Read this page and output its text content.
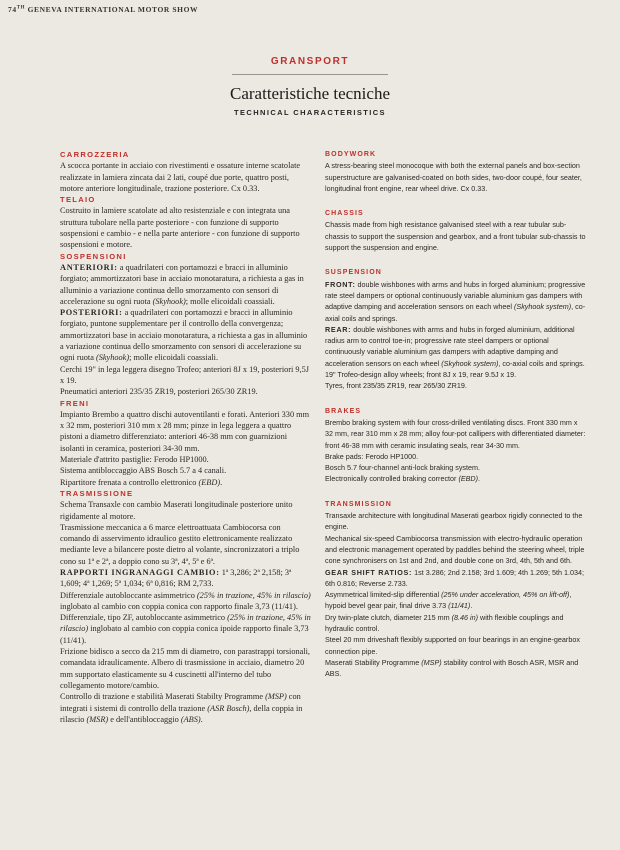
74TH GENEVA INTERNATIONAL MOTOR SHOW
GRANSPORT
Caratteristiche tecniche
TECHNICAL CHARACTERISTICS
CARROZZERIA

A scocca portante in acciaio con rivestimenti e ossature interne scatolate realizzate in lamiera zincata dai 2 lati, coupé due porte, quattro posti, motore anteriore longitudinale, trazione posteriore. Cx 0.33.

TELAIO

Costruito in lamiere scatolate ad alto resistenziale e con integrata una struttura tubolare nella parte posteriore - con funzione di supporto sospensioni e cambio - e nella parte anteriore - con funzione di supporto sospensioni e motore.

SOSPENSIONI

ANTERIORI: a quadrilateri con portamozzi e bracci in alluminio forgiato; ammortizzatori base in acciaio monotaratura, a richiesta a gas in alluminio a variazione continua dello smorzamento con sensori di accelerazione su ogni ruota (Skyhook); molle elicoidali coassiali.

POSTERIORI: a quadrilateri con portamozzi e bracci in alluminio forgiato, puntone supplementare per il controllo della convergenza; ammortizzatori base in acciaio monotaratura, a richiesta a gas in alluminio a variazione continua dello smorzamento con sensori di accelerazione su ogni ruota (Skyhook); molle elicoidali coassiali.

Cerchi 19" in lega leggera disegno Trofeo; anteriori 8J x 19, posteriori 9,5J x 19.

Pneumatici anteriori 235/35 ZR19, posteriori 265/30 ZR19.

FRENI

Impianto Brembo a quattro dischi autoventilanti e forati. Anteriori 330 mm x 32 mm, posteriori 310 mm x 28 mm; pinze in lega leggera a quattro pistoni a diametro differenziato: anteriori 46-38 mm con guarnizioni isolanti in ceramica, posteriori 34-30 mm.

Materiale d'attrito pastiglie: Ferodo HP1000.

Sistema antibloccaggio ABS Bosch 5.7 a 4 canali.

Ripartitore frenata a controllo elettronico (EBD).

TRASMISSIONE

Schema Transaxle con cambio Maserati longitudinale posteriore unito rigidamente al motore.

Trasmissione meccanica a 6 marce elettroattuata Cambiocorsa con comando di asservimento idraulico gestito elettronicamente realizzato mediante leve a bilancere poste dietro al volante, sincronizzatori a triplo cono su 1ª e 2ª, a doppio cono su 3ª, 4ª, 5ª e 6ª.

RAPPORTI INGRANAGGI CAMBIO: 1ª 3,286; 2ª 2,158; 3ª 1,609; 4ª 1,269; 5ª 1,034; 6ª 0,816; RM 2,733.

Differenziale autobloccante asimmetrico (25% in trazione, 45% in rilascio) inglobato al cambio con coppia conica con rapporto finale 3,73 (11/41).

Differenziale, tipo ZF, autobloccante asimmetrico (25% in trazione, 45% in rilascio) inglobato al cambio con coppia conica ipoide rapporto finale 3,73 (11/41).

Frizione bidisco a secco da 215 mm di diametro, con parastrappi torsionali, comandata idraulicamente. Albero di trasmissione in acciaio, diametro 20 mm supportato elasticamente su 4 cuscinetti all'interno del tubo collegamento motore/cambio.

Controllo di trazione e stabilità Maserati Stabilty Programme (MSP) con integrati i sistemi di controllo della trazione (ASR Bosch), della coppia in rilascio (MSR) e dell'antibloccaggio (ABS).

BODYWORK

A stress-bearing steel monocoque with both the external panels and box-section superstructure are galvanised-coated on both sides, two-door coupé, four seater, longitudinal front engine, rear wheel drive. Cx 0.33.

CHASSIS

Chassis made from high resistance galvanised steel with a rear tubular sub-chassis to support the suspension and gearbox, and a front tubular sub-chassis to support the suspension and engine.

SUSPENSION

FRONT: double wishbones with arms and hubs in forged aluminium; progressive rate steel dampers or optional continuously variable aluminium gas dampers with adaptive damping and acceleration sensors on each wheel (Skyhook system), co-axial coils and springs.

REAR: double wishbones with arms and hubs in forged aluminium, additional radius arm to control toe-in; progressive rate steel dampers or optional continuously variable aluminium gas dampers with adaptive damping and acceleration sensors on each wheel (Skyhook system), co-axial coils and springs.

19" Trofeo-design alloy wheels; front 8J x 19, rear 9.5J x 19.

Tyres, front 235/35 ZR19, rear 265/30 ZR19.

BRAKES

Brembo braking system with four cross-drilled ventilating discs. Front 330 mm x 32 mm, rear 310 mm x 28 mm; alloy four-pot callipers with differentiated diameter: front 46-38 mm with ceramic insulating seals, rear 34-30 mm.

Brake pads: Ferodo HP1000.

Bosch 5.7 four-channel anti-lock braking system.

Electronically controlled braking corrector (EBD).

TRANSMISSION

Transaxle architecture with longitudinal Maserati gearbox rigidly connected to the engine.

Mechanical six-speed Cambiocorsa transmission with electro-hydraulic operation and electronic management operated by paddles behind the steering wheel, triple cone synchronisers on 1st and 2nd, and double cone on 3rd, 4th, 5th and 6th.

GEAR SHIFT RATIOS: 1st 3.286; 2nd 2.158; 3rd 1.609; 4th 1.269; 5th 1.034; 6th 0.816; Reverse 2.733.

Asymmetrical limited-slip differential (25% under acceleration, 45% on lift-off), hypoid bevel gear pair, final drive 3.73 (11/41).

Dry twin-plate clutch, diameter 215 mm (8.46 in) with flexible couplings and hydraulic control.

Steel 20 mm driveshaft flexibly supported on four bearings in an engine-gearbox connection pipe.

Maserati Stability Programme (MSP) stability control with Bosch ASR, MSR and ABS.
